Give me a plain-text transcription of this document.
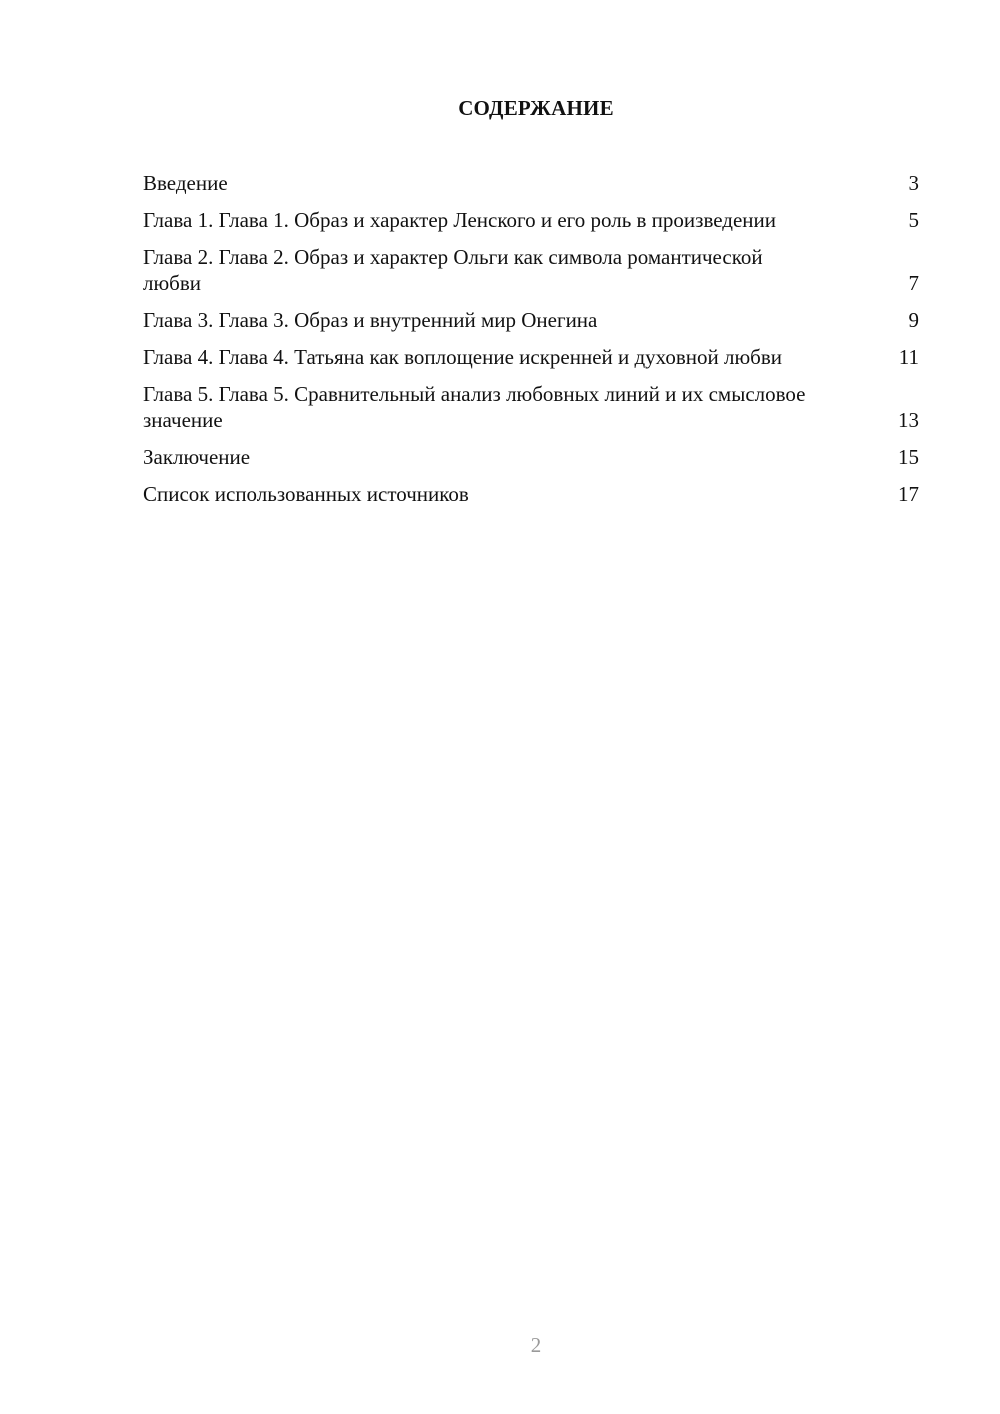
СОДЕРЖАНИЕ
Введение	3
Глава 1. Глава 1. Образ и характер Ленского и его роль в произведении	5
Глава 2. Глава 2. Образ и характер Ольги как символа романтической любви	7
Глава 3. Глава 3. Образ и внутренний мир Онегина	9
Глава 4. Глава 4. Татьяна как воплощение искренней и духовной любви	11
Глава 5. Глава 5. Сравнительный анализ любовных линий и их смысловое значение	13
Заключение	15
Список использованных источников	17
2
